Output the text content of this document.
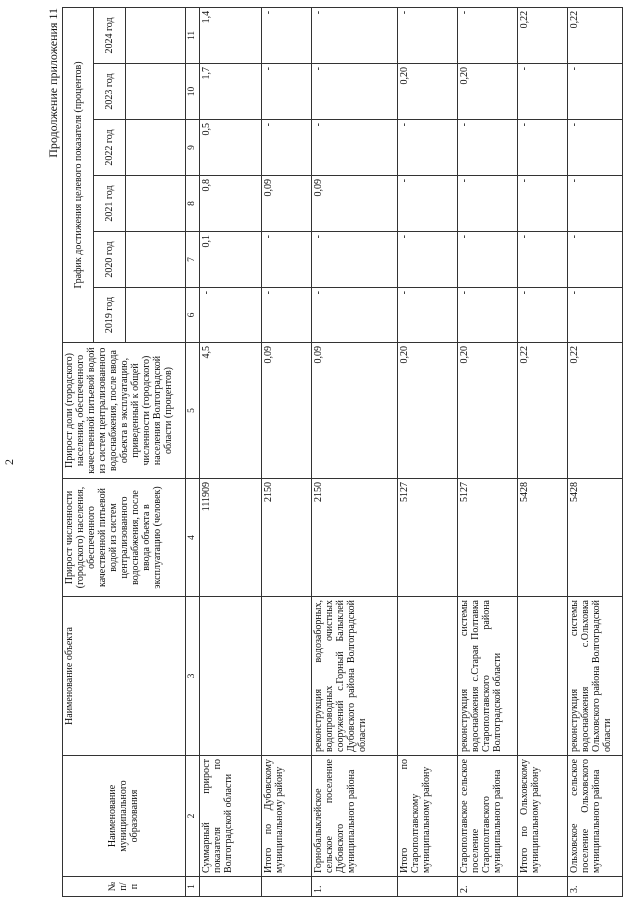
2
Продолжение приложения 11
№ п/п	Наименование муниципального образования	Наименование объекта	Прирост численности (городского) населения, обеспеченного качественной питьевой водой из систем централизованного водоснабжения, после ввода объекта в эксплуатацию (человек)	Прирост доли (городского) населения, обеспеченного качественной питьевой водой из систем централизованного водоснабжения, после ввода объекта в эксплуатацию, приведенный к общей численности (городского) населения Волгоградской области (процентов)	График достижения целевого показателя (процентов)					
					2019 год	2020 год	2021 год	2022 год	2023 год	2024 год

1	2	3	4	5	6	7	8	9	10	11
	Суммарный прирост показателя по Волгоградской области		111909	4,5	-	0,1	0,8	0,5	1,7	1,4
	Итого по Дубовскому муниципальному району		2150	0,09	-	-	0,09	-	-	-
1.	Горнобалыклейское сельское поселение Дубовского муниципального района	реконструкция водозаборных, водопроводных очистных сооружений с.Горный Балыклей Дубовского района Волгоградской области	2150	0,09	-	-	0,09	-	-	-
	Итого по Старополтавскому муниципальному району		5127	0,20	-	-	-	-	0,20	-
2.	Старополтавское сельское поселение Старополтавского муниципального района	реконструкция системы водоснабжения с.Старая Полтавка Старополтавского района Волгоградской области	5127	0,20	-	-	-	-	0,20	-
	Итого по Ольховскому муниципальному району		5428	0,22	-	-	-	-	-	0,22
3.	Ольховское сельское поселение Ольховского муниципального района	реконструкция системы водоснабжения с.Ольховка Ольховского района Волгоградской области	5428	0,22	-	-	-	-	-	0,22
